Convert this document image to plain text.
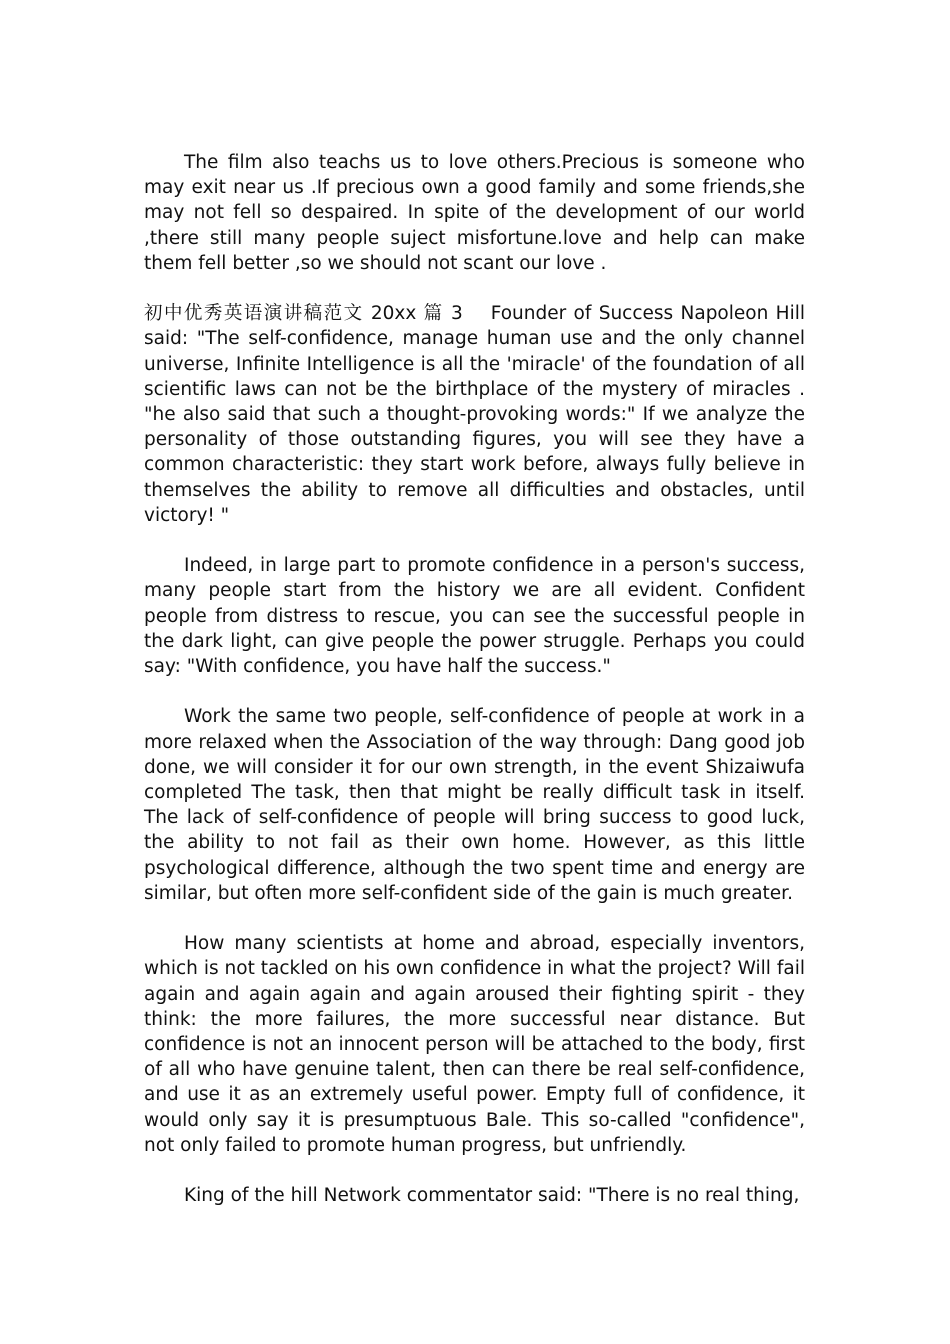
The film also teachs us to love others.Precious is someone who may exit near us .If precious own a good family and some friends,she may not fell so despaired. In spite of the development of our world ,there still many people suject misfortune.love and help can make them fell better ,so we should not scant our love .

初中优秀英语演讲稿范文 20xx 篇 3 Founder of Success Napoleon Hill said: "The self-confidence, manage human use and the only channel universe, Infinite Intelligence is all the 'miracle' of the foundation of all scientific laws can not be the birthplace of the mystery of miracles . "he also said that such a thought-provoking words:" If we analyze the personality of those outstanding figures, you will see they have a common characteristic: they start work before, always fully believe in themselves the ability to remove all difficulties and obstacles, until victory! "

Indeed, in large part to promote confidence in a person's success, many people start from the history we are all evident. Confident people from distress to rescue, you can see the successful people in the dark light, can give people the power struggle. Perhaps you could say: "With confidence, you have half the success."

Work the same two people, self-confidence of people at work in a more relaxed when the Association of the way through: Dang good job done, we will consider it for our own strength, in the event Shizaiwufa completed The task, then that might be really difficult task in itself. The lack of self-confidence of people will bring success to good luck, the ability to not fail as their own home. However, as this little psychological difference, although the two spent time and energy are similar, but often more self-confident side of the gain is much greater.

How many scientists at home and abroad, especially inventors, which is not tackled on his own confidence in what the project? Will fail again and again again and again aroused their fighting spirit - they think: the more failures, the more successful near distance. But confidence is not an innocent person will be attached to the body, first of all who have genuine talent, then can there be real self-confidence, and use it as an extremely useful power. Empty full of confidence, it would only say it is presumptuous Bale. This so-called "confidence", not only failed to promote human progress, but unfriendly.

King of the hill Network commentator said: "There is no real thing,
